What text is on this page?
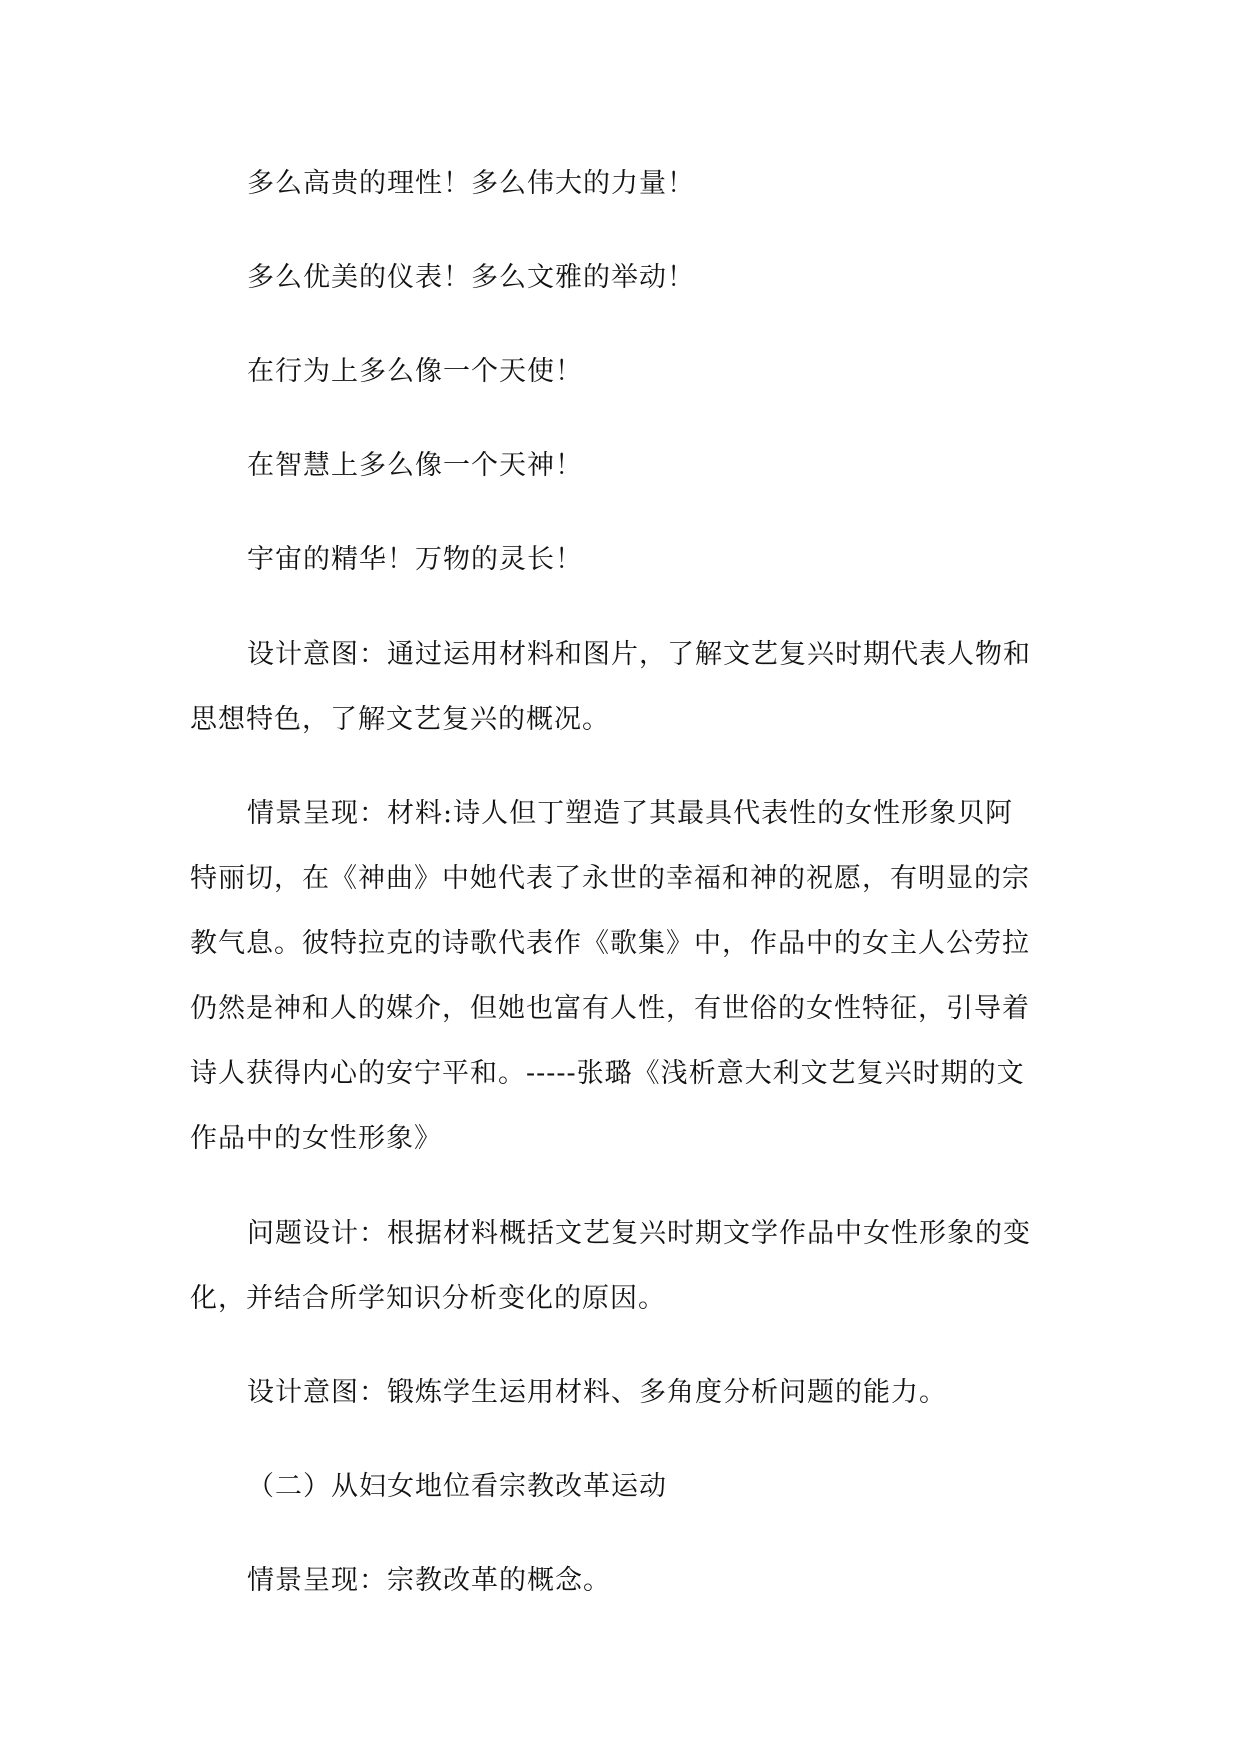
多么高贵的理性！多么伟大的力量！
多么优美的仪表！多么文雅的举动！
在行为上多么像一个天使！
在智慧上多么像一个天神！
宇宙的精华！万物的灵长！
设计意图：通过运用材料和图片，了解文艺复兴时期代表人物和
思想特色，了解文艺复兴的概况。
情景呈现：材料:诗人但丁塑造了其最具代表性的女性形象贝阿
特丽切，在《神曲》中她代表了永世的幸福和神的祝愿，有明显的宗
教气息。彼特拉克的诗歌代表作《歌集》中，作品中的女主人公劳拉
仍然是神和人的媒介，但她也富有人性，有世俗的女性特征，引导着
诗人获得内心的安宁平和。-----张璐《浅析意大利文艺复兴时期的文
作品中的女性形象》
问题设计：根据材料概括文艺复兴时期文学作品中女性形象的变
化，并结合所学知识分析变化的原因。
设计意图：锻炼学生运用材料、多角度分析问题的能力。
（二）从妇女地位看宗教改革运动
情景呈现：宗教改革的概念。
